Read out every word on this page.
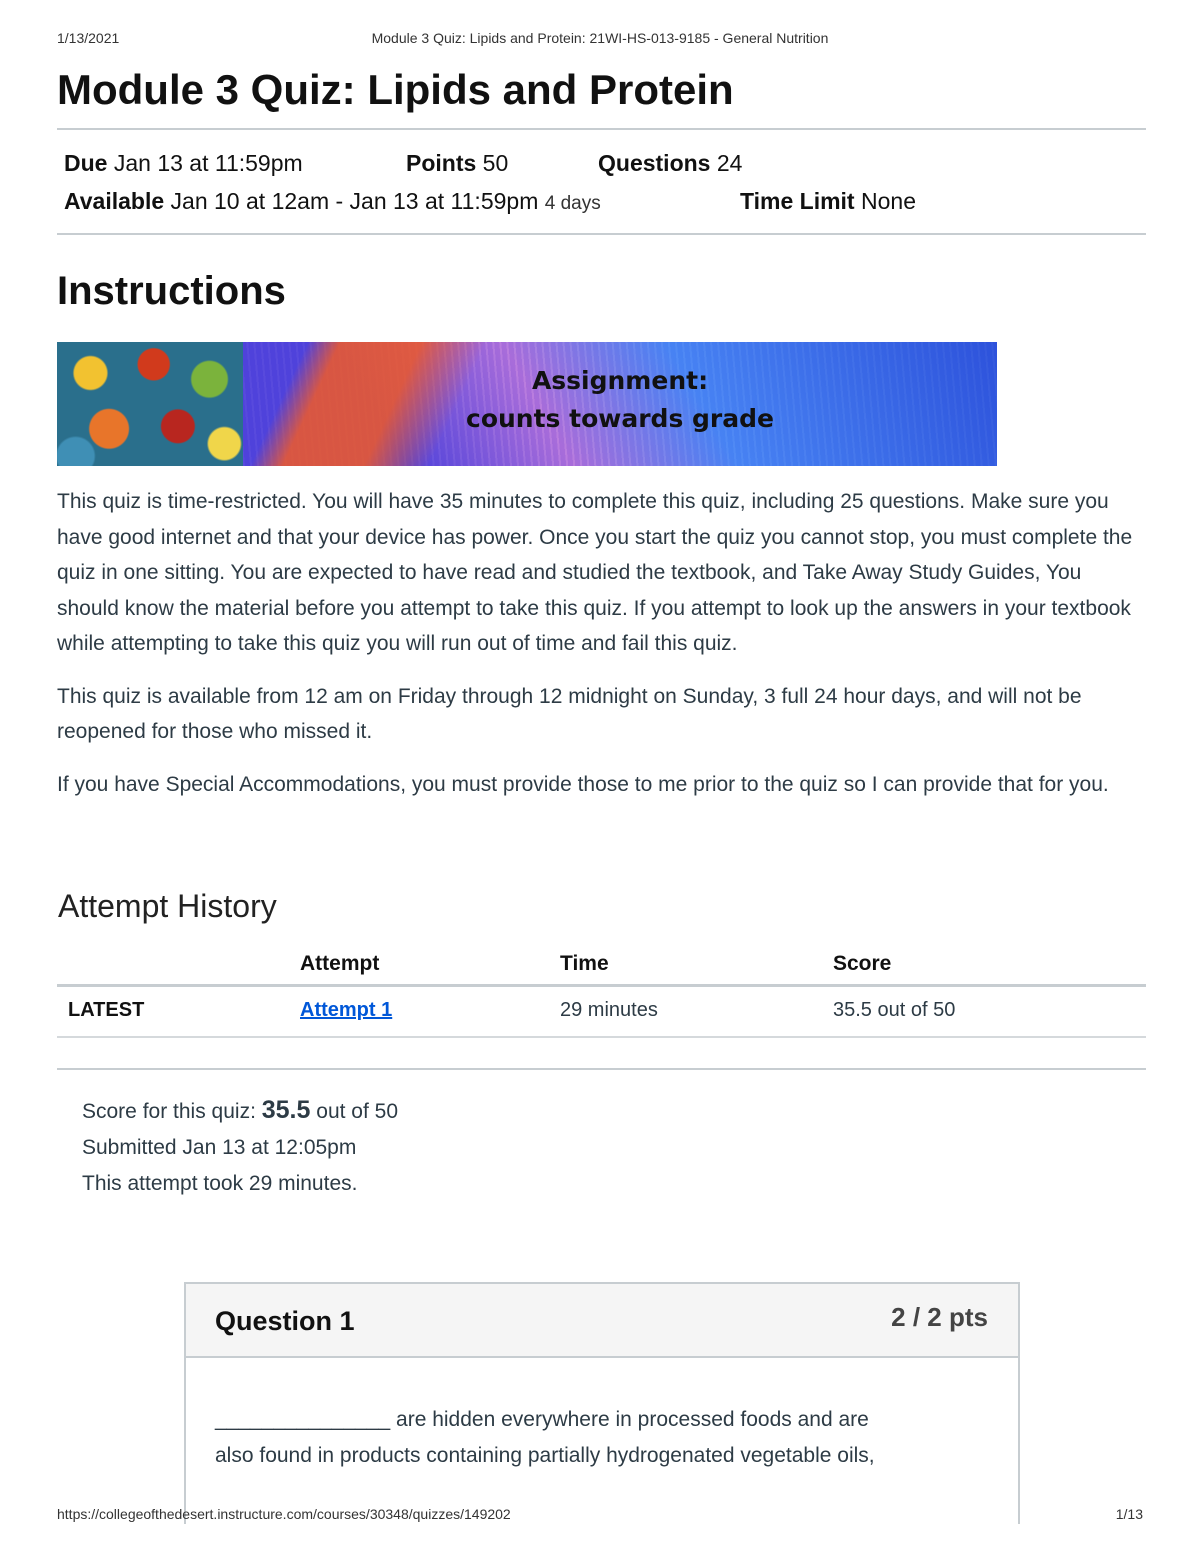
1/13/2021	Module 3 Quiz: Lipids and Protein: 21WI-HS-013-9185 - General Nutrition
Module 3 Quiz: Lipids and Protein
Due Jan 13 at 11:59pm	Points 50	Questions 24
Available Jan 10 at 12am - Jan 13 at 11:59pm 4 days	Time Limit None
Instructions
Assignment:
counts towards grade

This quiz is time-restricted. You will have 35 minutes to complete this quiz, including 25 questions. Make sure you have good internet and that your device has power. Once you start the quiz you cannot stop, you must complete the quiz in one sitting. You are expected to have read and studied the textbook, and Take Away Study Guides, You should know the material before you attempt to take this quiz. If you attempt to look up the answers in your textbook while attempting to take this quiz you will run out of time and fail this quiz.

This quiz is available from 12 am on Friday through 12 midnight on Sunday, 3 full 24 hour days, and will not be reopened for those who missed it.

If you have Special Accommodations, you must provide those to me prior to the quiz so I can provide that for you.

Attempt History
	Attempt	Time	Score
LATEST	Attempt 1	29 minutes	35.5 out of 50
Score for this quiz: 35.5 out of 50
Submitted Jan 13 at 12:05pm
This attempt took 29 minutes.
Question 1	2 / 2 pts
_______________ are hidden everywhere in processed foods and are
also found in products containing partially hydrogenated vegetable oils,
https://collegeofthedesert.instructure.com/courses/30348/quizzes/149202	1/13
